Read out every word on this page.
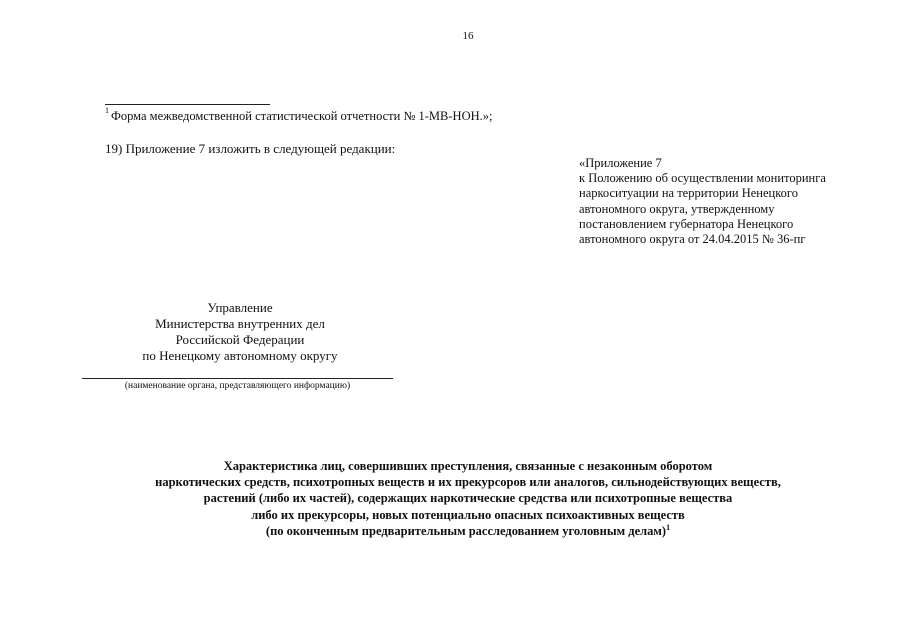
16
$^1$ Форма межведомственной статистической отчетности № 1-МВ-НОН.»;
19) Приложение 7 изложить в следующей редакции:
«Приложение 7
к Положению об осуществлении мониторинга
наркоситуации на территории Ненецкого
автономного округа, утвержденному
постановлением губернатора Ненецкого
автономного округа от 24.04.2015 № 36-пг
Управление
Министерства внутренних дел
Российской Федерации
по Ненецкому автономному округу
(наименование органа, представляющего информацию)
Характеристика лиц, совершивших преступления, связанные с незаконным оборотом
наркотических средств, психотропных веществ и их прекурсоров или аналогов, сильнодействующих веществ,
растений (либо их частей), содержащих наркотические средства или психотропные вещества
либо их прекурсоры, новых потенциально опасных психоактивных веществ
(по оконченным предварительным расследованием уголовным делам)$^1$
